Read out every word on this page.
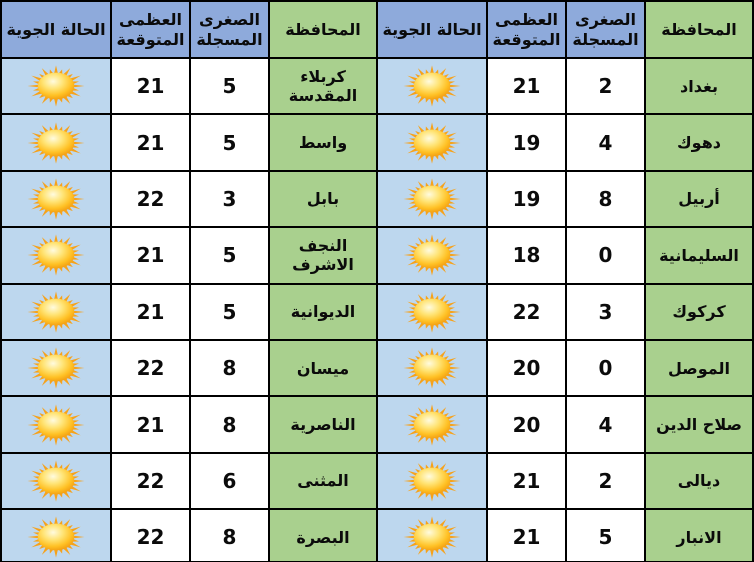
المحافظة
الصغرى المسجلة
العظمى المتوقعة
الحالة الجوية
المحافظة
الصغرى المسجلة
العظمى المتوقعة
الحالة الجوية
بغداد
2
21
كربلاء المقدسة
5
21
دهوك
4
19
واسط
5
21
أربيل
8
19
بابل
3
22
السليمانية
0
18
النجف الاشرف
5
21
كركوك
3
22
الديوانية
5
21
الموصل
0
20
ميسان
8
22
صلاح الدين
4
20
الناصرية
8
21
ديالى
2
21
المثنى
6
22
الانبار
5
21
البصرة
8
22
